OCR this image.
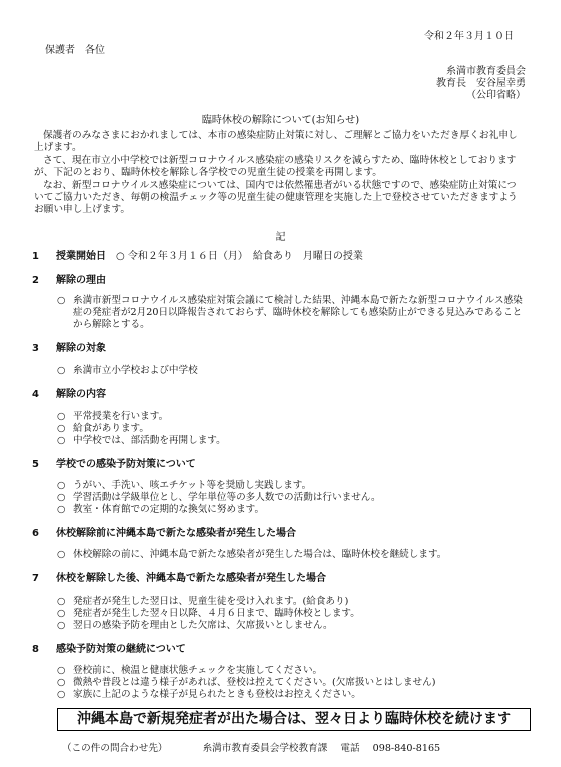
令和２年３月１０日
保護者　各位
糸満市教育委員会
教育長　安谷屋幸勇
（公印省略）
臨時休校の解除について(お知らせ)

保護者のみなさまにおかれましては、本市の感染症防止対策に対し、ご理解とご協力をいただき厚くお礼申し上げます。

さて、現在市立小中学校では新型コロナウイルス感染症の感染リスクを減らすため、臨時休校としておりますが、下記のとおり、臨時休校を解除し各学校での児童生徒の授業を再開します。

なお、新型コロナウイルス感染症については、国内では依然罹患者がいる状態ですので、感染症防止対策についてご協力いただき、毎朝の検温チェック等の児童生徒の健康管理を実施した上で登校させていただきますようお願い申し上げます。

記
1 授業開始日 ○ 令和２年３月１６日（月）　給食あり　月曜日の授業
2 解除の理由
○ 糸満市新型コロナウイルス感染症対策会議にて検討した結果、沖縄本島で新たな新型コロナウイルス感染症の発症者が2月20日以降報告されておらず、臨時休校を解除しても感染防止ができる見込みであることから解除とする。
3 解除の対象
○ 糸満市立小学校および中学校
4 解除の内容
○ 平常授業を行います。
○ 給食があります。
○ 中学校では、部活動を再開します。
5 学校での感染予防対策について
○ うがい、手洗い、咳エチケット等を奨励し実践します。
○ 学習活動は学級単位とし、学年単位等の多人数での活動は行いません。
○ 教室・体育館での定期的な換気に努めます。
6 休校解除前に沖縄本島で新たな感染者が発生した場合
○ 休校解除の前に、沖縄本島で新たな感染者が発生した場合は、臨時休校を継続します。
7 休校を解除した後、沖縄本島で新たな感染者が発生した場合
○ 発症者が発生した翌日は、児童生徒を受け入れます。(給食あり)
○ 発症者が発生した翌々日以降、４月６日まで、臨時休校とします。
○ 翌日の感染予防を理由とした欠席は、欠席扱いとしません。
8 感染予防対策の継続について
○ 登校前に、検温と健康状態チェックを実施してください。
○ 微熱や普段とは違う様子があれば、登校は控えてください。(欠席扱いとはしません)
○ 家族に上記のような様子が見られたときも登校はお控えください。
沖縄本島で新規発症者が出た場合は、翌々日より臨時休校を続けます
（この件の問合わせ先）	糸満市教育委員会学校教育課 電話 098-840-8165
